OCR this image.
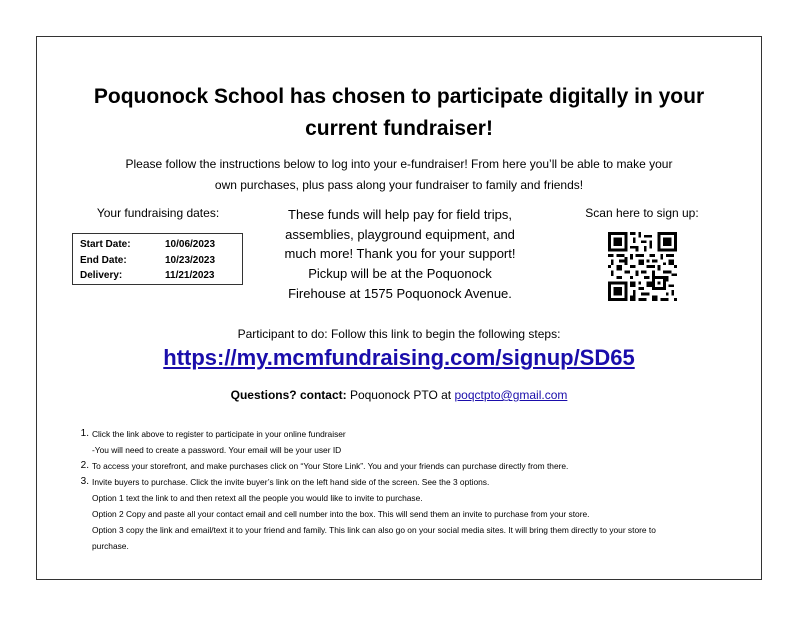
Poquonock School has chosen to participate digitally in your
current fundraiser!
Please follow the instructions below to log into your e-fundraiser! From here you’ll be able to make your
own purchases, plus pass along your fundraiser to family and friends!
Your fundraising dates:
Start Date:	10/06/2023
End Date:	10/23/2023
Delivery:	11/21/2023
These funds will help pay for field trips,
assemblies, playground equipment, and
much more! Thank you for your support!
Pickup will be at the Poquonock
Firehouse at 1575 Poquonock Avenue.
Scan here to sign up:
Participant to do: Follow this link to begin the following steps:
https://my.mcmfundraising.com/signup/SD65
Questions? contact: Poquonock PTO at poqctpto@gmail.com
1. Click the link above to register to participate in your online fundraiser
-You will need to create a password. Your email will be your user ID
2. To access your storefront, and make purchases click on “Your Store Link”. You and your friends can purchase directly from there.
3. Invite buyers to purchase. Click the invite buyer’s link on the left hand side of the screen. See the 3 options.
Option 1 text the link to and then retext all the people you would like to invite to purchase.
Option 2 Copy and paste all your contact email and cell number into the box. This will send them an invite to purchase from your store.
Option 3 copy the link and email/text it to your friend and family. This link can also go on your social media sites. It will bring them directly to your store to
purchase.
